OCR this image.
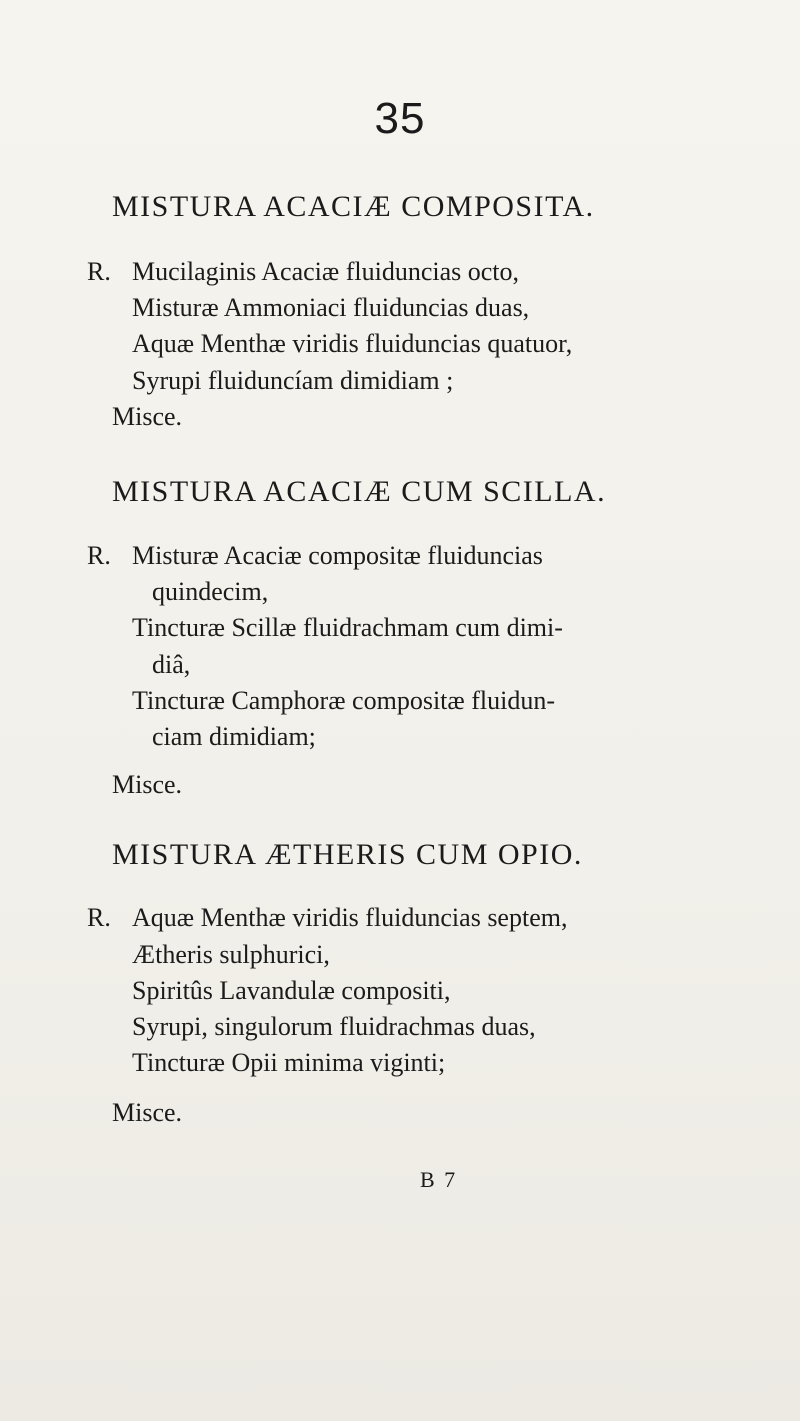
35
MISTURA ACACIÆ COMPOSITA.
R. Mucilaginis Acaciæ fluiduncias octo,
Misturæ Ammoniaci fluiduncias duas,
Aquæ Menthæ viridis fluiduncias quatuor,
Syrupi fluiduncíam dimidiam ;
Misce.
MISTURA ACACIÆ CUM SCILLA.
R. Misturæ Acaciæ compositæ fluiduncias
quindecim,
Tincturæ Scillæ fluidrachmam cum dimi-
diâ,
Tincturæ Camphoræ compositæ fluidun-
ciam dimidiam;
Misce.
MISTURA ÆTHERIS CUM OPIO.
R. Aquæ Menthæ viridis fluiduncias septem,
Ætheris sulphurici,
Spiritûs Lavandulæ compositi,
Syrupi, singulorum fluidrachmas duas,
Tincturæ Opii minima viginti;
Misce.
B 7
